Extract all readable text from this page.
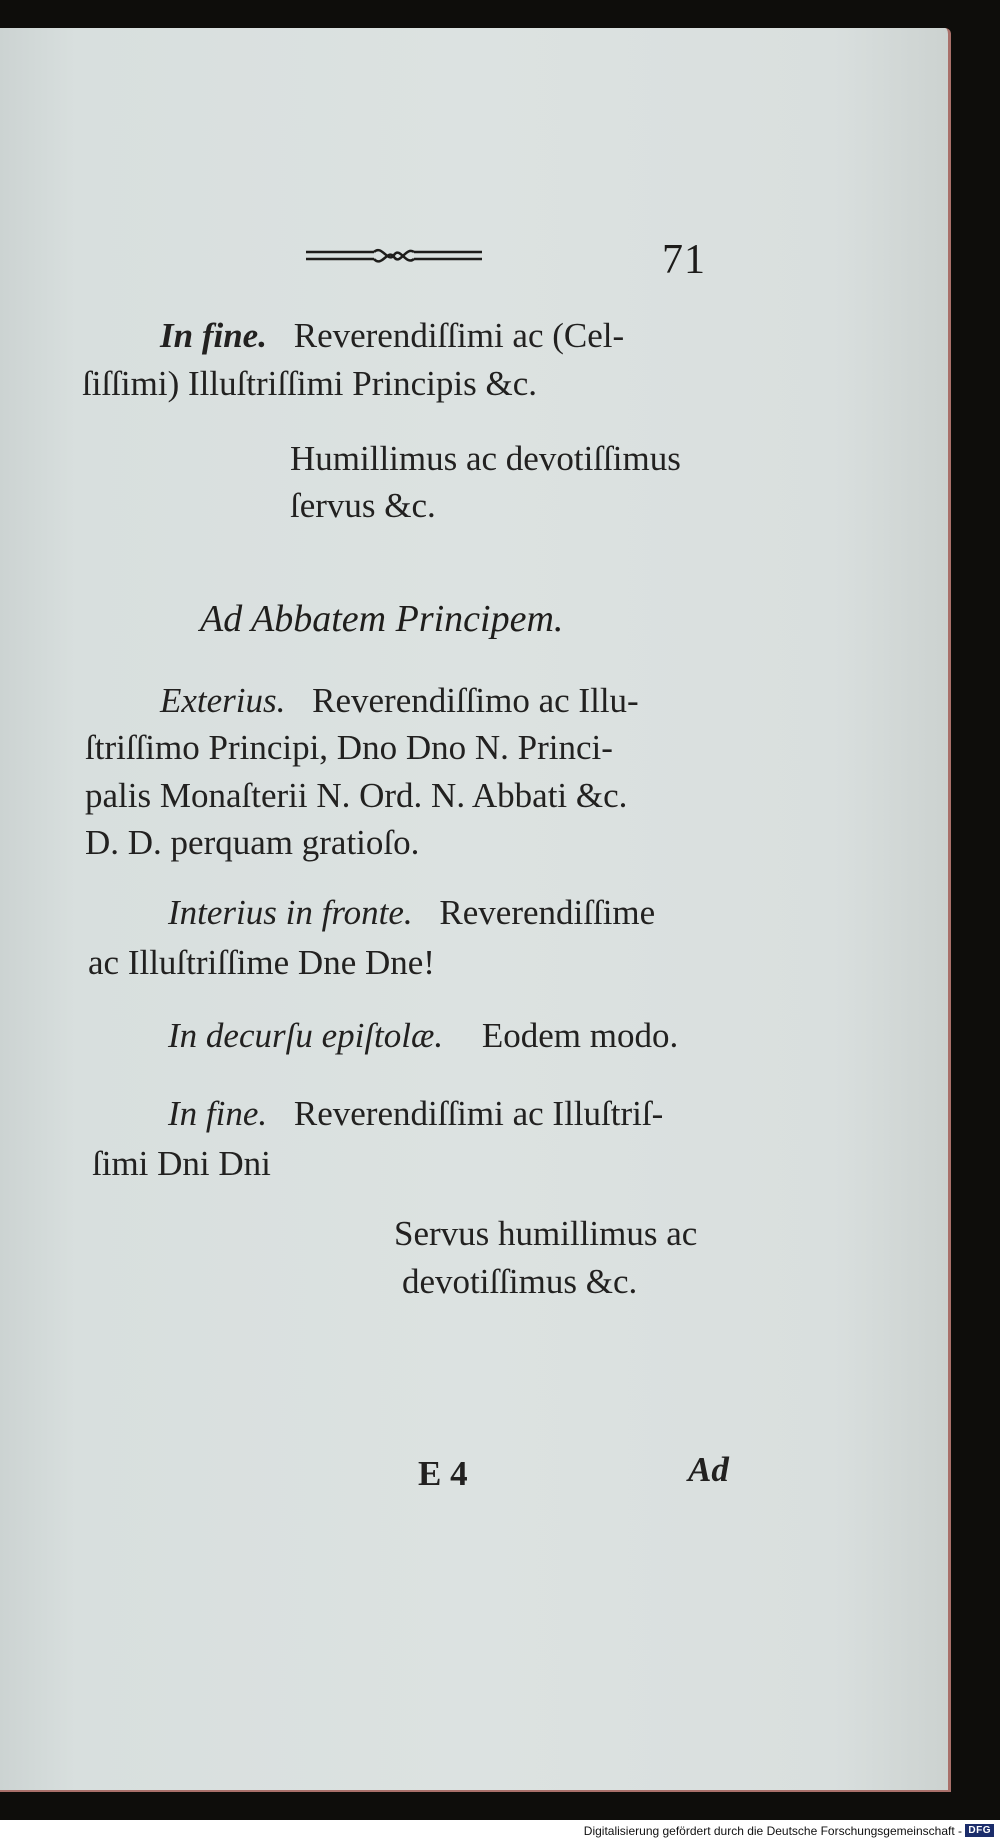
71
In fine. Reverendiſſimi ac (Cel-
ſiſſimi) Illuſtriſſimi Principis &c.
Humillimus ac devotiſſimus
ſervus &c.
Ad Abbatem Principem.
Exterius. Reverendiſſimo ac Illu-
ſtriſſimo Principi, Dno Dno N. Princi-
palis Monaſterii N. Ord. N. Abbati &c.
D. D. perquam gratioſo.
Interius in fronte. Reverendiſſime
ac Illuſtriſſime Dne Dne!
In decurſu epiſtolæ. Eodem modo.
In fine. Reverendiſſimi ac Illuſtriſ-
ſimi Dni Dni
Servus humillimus ac
devotiſſimus &c.
E 4	Ad
Digitalisierung gefördert durch die Deutsche Forschungsgemeinschaft - DFG
